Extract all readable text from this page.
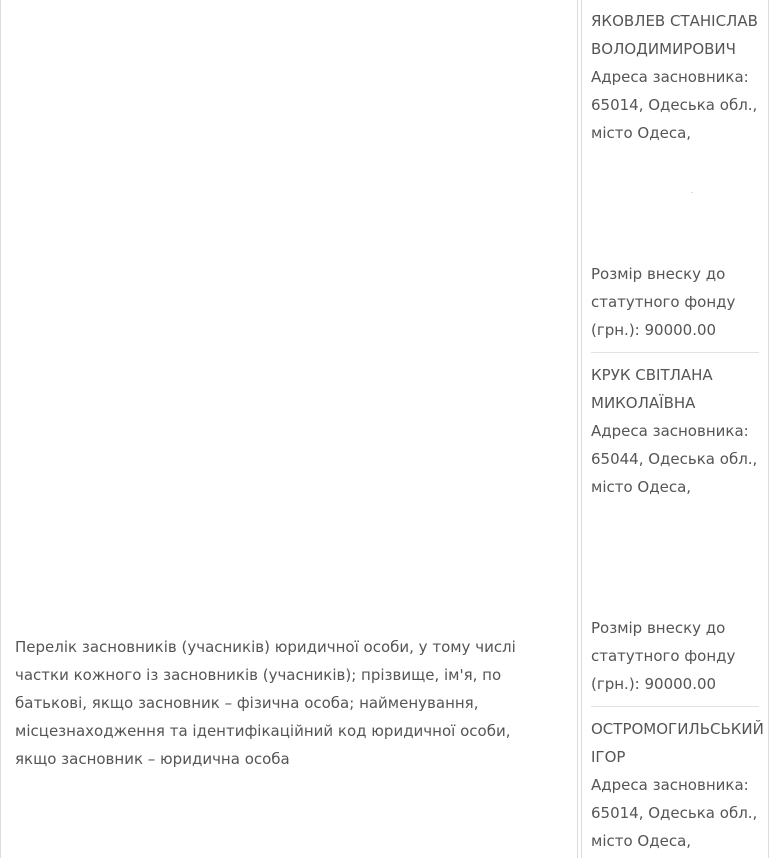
Перелік засновників (учасників) юридичної особи, у тому числі частки кожного із засновників (учасників); прізвище, ім'я, по батькові, якщо засновник – фізична особа; найменування, місцезнаходження та ідентифікаційний код юридичної особи, якщо засновник – юридична особа
ЯКОВЛЕВ СТАНІСЛАВ ВОЛОДИМИРОВИЧ
Адреса засновника:
65014, Одеська обл., місто Одеса,
.
Розмір внеску до статутного фонду (грн.): 90000.00
КРУК СВІТЛАНА МИКОЛАЇВНА
Адреса засновника:
65044, Одеська обл., місто Одеса,
Розмір внеску до статутного фонду (грн.): 90000.00
ОСТРОМОГИЛЬСЬКИЙ ІГОР
Адреса засновника:
65014, Одеська обл., місто Одеса,
